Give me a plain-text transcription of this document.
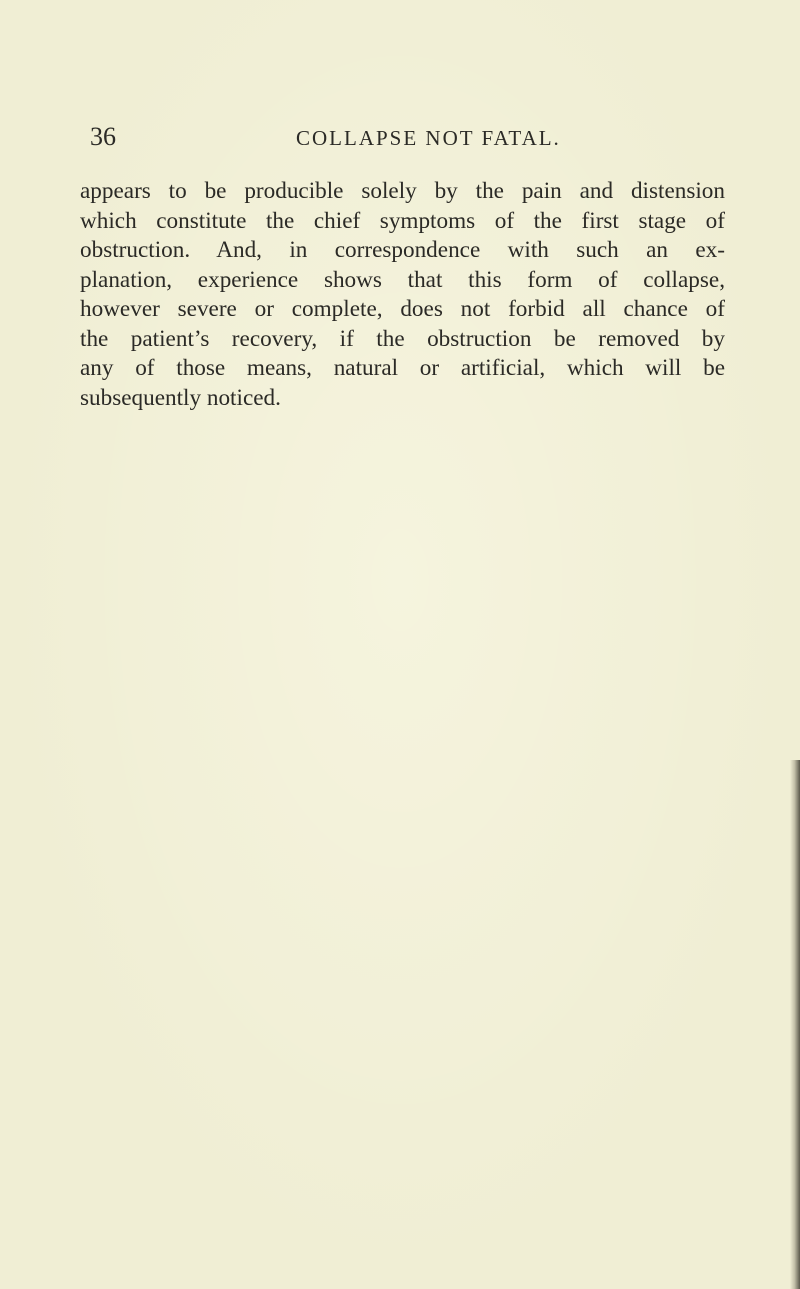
36	COLLAPSE NOT FATAL.
appears to be producible solely by the pain and distension
which constitute the chief symptoms of the first stage of
obstruction. And, in correspondence with such an ex-
planation, experience shows that this form of collapse,
however severe or complete, does not forbid all chance of
the patient’s recovery, if the obstruction be removed by
any of those means, natural or artificial, which will be
subsequently noticed.
